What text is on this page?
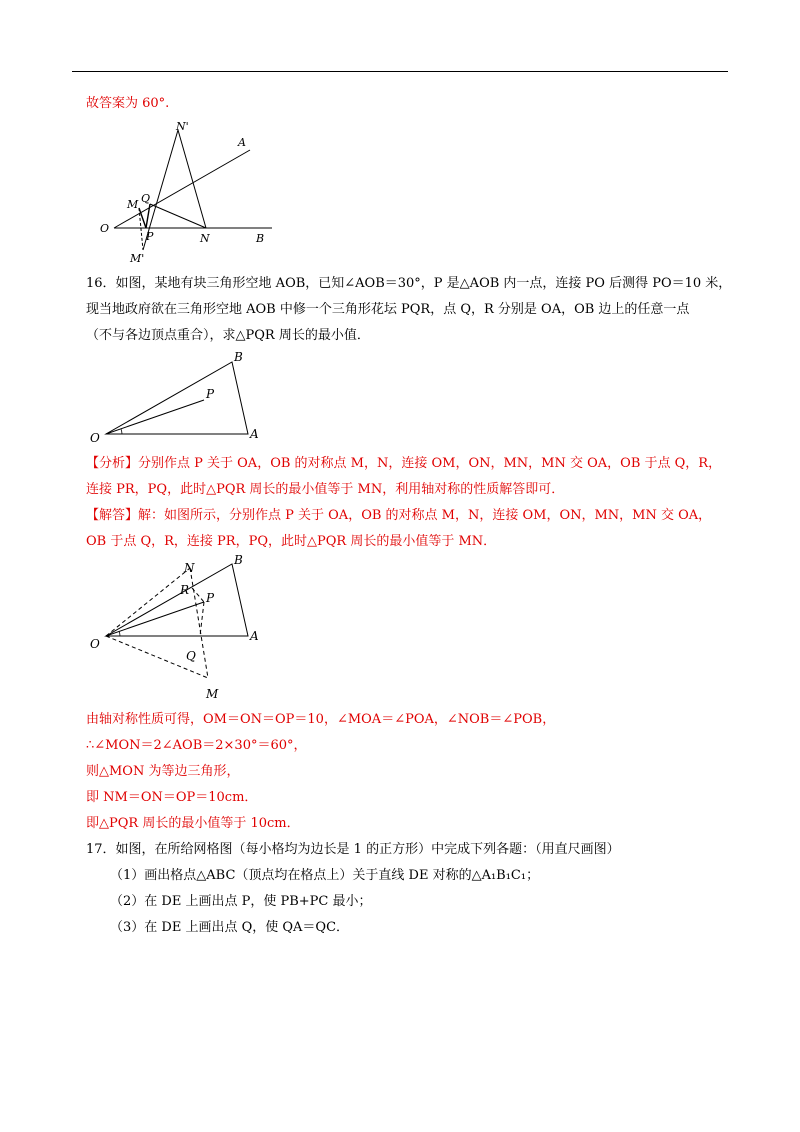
故答案为 60°.
N'
A
M Q
O
P	N	B
M'
16．如图，某地有块三角形空地 AOB，已知∠AOB＝30°，P 是△AOB 内一点，连接 PO 后测得 PO＝10 米，
现当地政府欲在三角形空地 AOB 中修一个三角形花坛 PQR，点 Q，R 分别是 OA，OB 边上的任意一点
（不与各边顶点重合），求△PQR 周长的最小值．
B
P
O	A
【分析】分别作点 P 关于 OA，OB 的对称点 M，N，连接 OM，ON，MN，MN 交 OA，OB 于点 Q，R，
连接 PR，PQ，此时△PQR 周长的最小值等于 MN，利用轴对称的性质解答即可．
【解答】解：如图所示，分别作点 P 关于 OA，OB 的对称点 M，N，连接 OM，ON，MN，MN 交 OA，
OB 于点 Q，R，连接 PR，PQ，此时△PQR 周长的最小值等于 MN．
N
B
R
P
O
A
Q
M
由轴对称性质可得，OM＝ON＝OP＝10，∠MOA＝∠POA，∠NOB＝∠POB，
∴∠MON＝2∠AOB＝2×30°＝60°，
则△MON 为等边三角形，
即 NM＝ON＝OP＝10cm．
即△PQR 周长的最小值等于 10cm．
17．如图，在所给网格图（每小格均为边长是 1 的正方形）中完成下列各题：（用直尺画图）
（1）画出格点△ABC（顶点均在格点上）关于直线 DE 对称的△A₁B₁C₁；
（2）在 DE 上画出点 P，使 PB+PC 最小；
（3）在 DE 上画出点 Q，使 QA＝QC．
